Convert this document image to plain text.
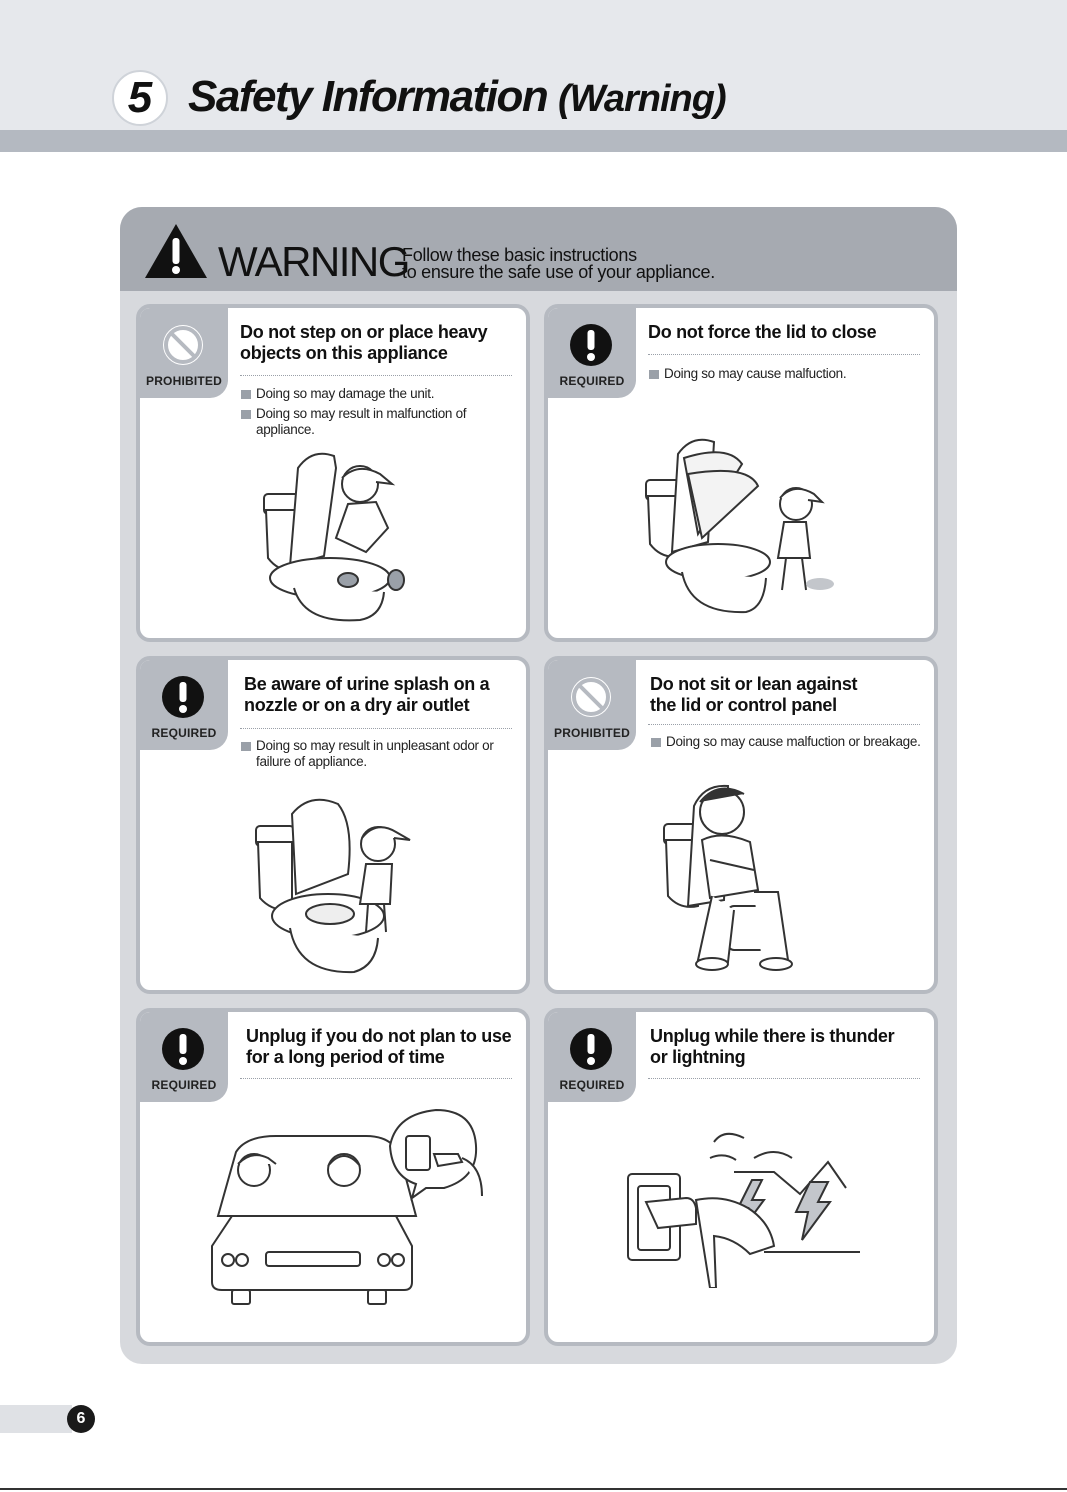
5 Safety Information (Warning)
WARNING
Follow these basic instructions
to ensure the safe use of your appliance.
PROHIBITED
Do not step on or place heavy
objects on this appliance
Doing so may damage the unit.
Doing so may result in malfunction of appliance.
REQUIRED
Do not force the lid to close
Doing so may cause malfuction.
REQUIRED
Be aware of urine splash on a
nozzle or on a dry air outlet
Doing so may result in unpleasant odor or failure of appliance.
PROHIBITED
Do not sit or lean against
the lid or control panel
Doing so may cause malfuction or breakage.
REQUIRED
Unplug if you do not plan to use
for a long period of time
REQUIRED
Unplug while there is thunder
or lightning
6
